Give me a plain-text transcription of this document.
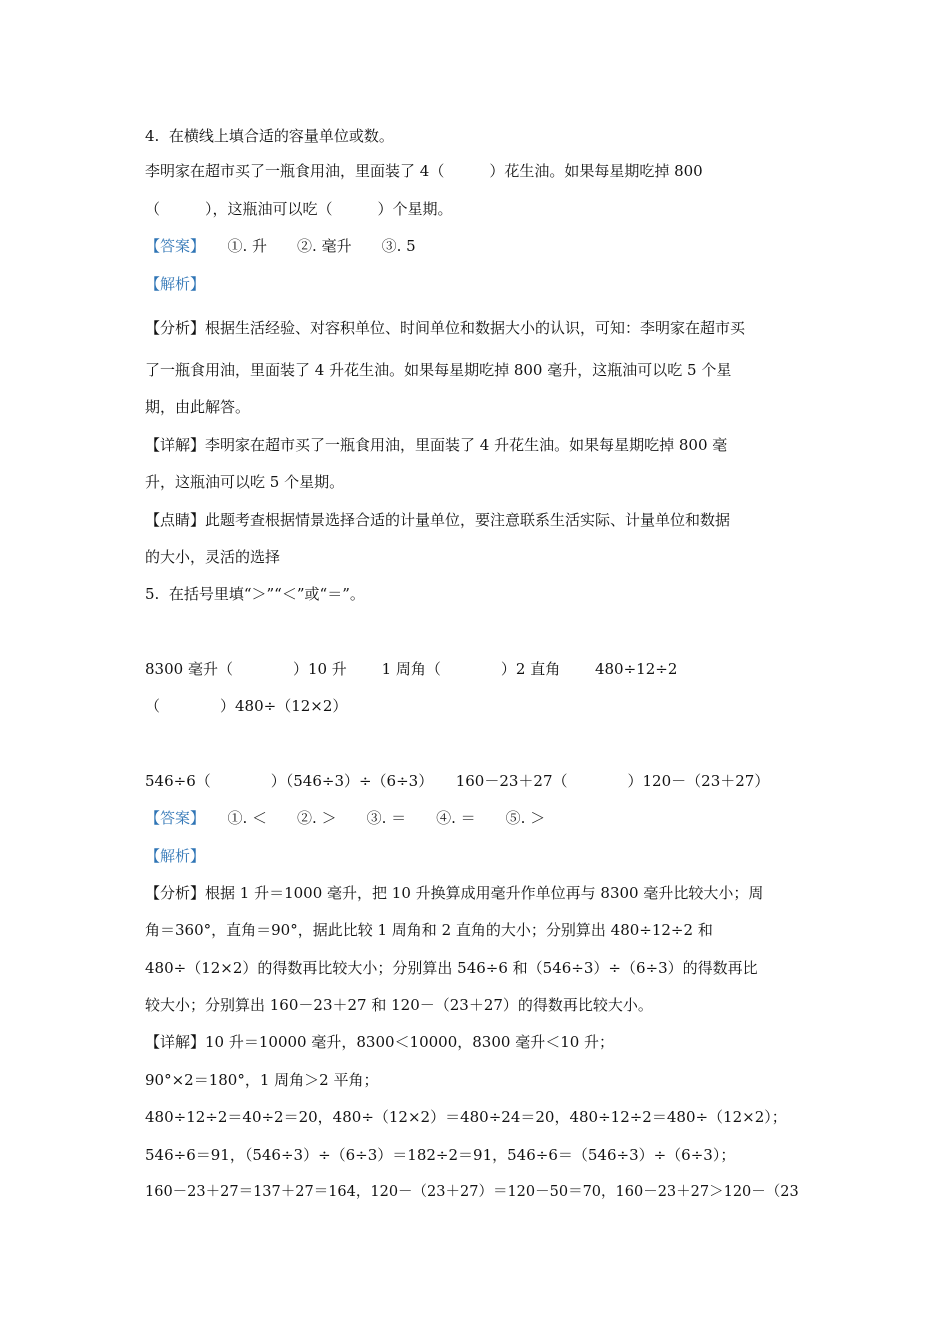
4.  在横线上填合适的容量单位或数。
李明家在超市买了一瓶食用油，里面装了 4（　　　）花生油。如果每星期吃掉 800
（　　　），这瓶油可以吃（　　　）个星期。
【答案】　　①. 升　　②. 毫升　　③. 5
【解析】
【分析】根据生活经验、对容积单位、时间单位和数据大小的认识，可知：李明家在超市买
了一瓶食用油，里面装了 4 升花生油。如果每星期吃掉 800 毫升，这瓶油可以吃 5 个星
期，由此解答。
【详解】李明家在超市买了一瓶食用油，里面装了 4 升花生油。如果每星期吃掉 800 毫
升，这瓶油可以吃 5 个星期。
【点睛】此题考查根据情景选择合适的计量单位，要注意联系生活实际、计量单位和数据
的大小，灵活的选择
5.  在括号里填“＞”“＜”或“＝”。
8300 毫升（　　　　）10 升　　 1 周角（　　　　）2 直角　　 480÷12÷2
（　　　　）480÷（12×2）
546÷6（　　　　）（546÷3）÷（6÷3）　　160－23＋27（　　　　）120－（23＋27）
【答案】　　①. ＜　　②. ＞　　③. ＝　　④. ＝　　⑤. ＞
【解析】
【分析】根据 1 升＝1000 毫升，把 10 升换算成用毫升作单位再与 8300 毫升比较大小；周
角＝360°，直角＝90°，据此比较 1 周角和 2 直角的大小；分别算出 480÷12÷2 和
480÷（12×2）的得数再比较大小；分别算出 546÷6 和（546÷3）÷（6÷3）的得数再比
较大小；分别算出 160－23＋27 和 120－（23＋27）的得数再比较大小。
【详解】10 升＝10000 毫升，8300＜10000，8300 毫升＜10 升；
90°×2＝180°，1 周角＞2 平角；
480÷12÷2＝40÷2＝20，480÷（12×2）＝480÷24＝20，480÷12÷2＝480÷（12×2）；
546÷6＝91，（546÷3）÷（6÷3）＝182÷2＝91，546÷6＝（546÷3）÷（6÷3）；
160－23＋27＝137＋27＝164，120－（23＋27）＝120－50＝70，160－23＋27＞120－（23
